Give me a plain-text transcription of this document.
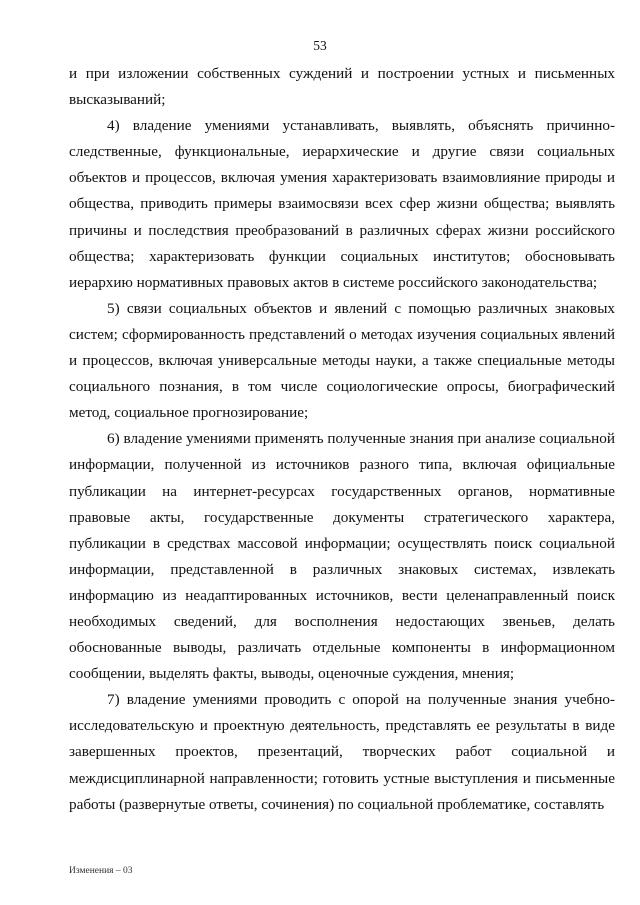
53

и при изложении собственных суждений и построении устных и письменных высказываний;

4) владение умениями устанавливать, выявлять, объяснять причинно-следственные, функциональные, иерархические и другие связи социальных объектов и процессов, включая умения характеризовать взаимовлияние природы и общества, приводить примеры взаимосвязи всех сфер жизни общества; выявлять причины и последствия преобразований в различных сферах жизни российского общества; характеризовать функции социальных институтов; обосновывать иерархию нормативных правовых актов в системе российского законодательства;

5) связи социальных объектов и явлений с помощью различных знаковых систем; сформированность представлений о методах изучения социальных явлений и процессов, включая универсальные методы науки, а также специальные методы социального познания, в том числе социологические опросы, биографический метод, социальное прогнозирование;

6) владение умениями применять полученные знания при анализе социальной информации, полученной из источников разного типа, включая официальные публикации на интернет-ресурсах государственных органов, нормативные правовые акты, государственные документы стратегического характера, публикации в средствах массовой информации; осуществлять поиск социальной информации, представленной в различных знаковых системах, извлекать информацию из неадаптированных источников, вести целенаправленный поиск необходимых сведений, для восполнения недостающих звеньев, делать обоснованные выводы, различать отдельные компоненты в информационном сообщении, выделять факты, выводы, оценочные суждения, мнения;

7) владение умениями проводить с опорой на полученные знания учебно-исследовательскую и проектную деятельность, представлять ее результаты в виде завершенных проектов, презентаций, творческих работ социальной и междисциплинарной направленности; готовить устные выступления и письменные работы (развернутые ответы, сочинения) по социальной проблематике, составлять

Изменения – 03
